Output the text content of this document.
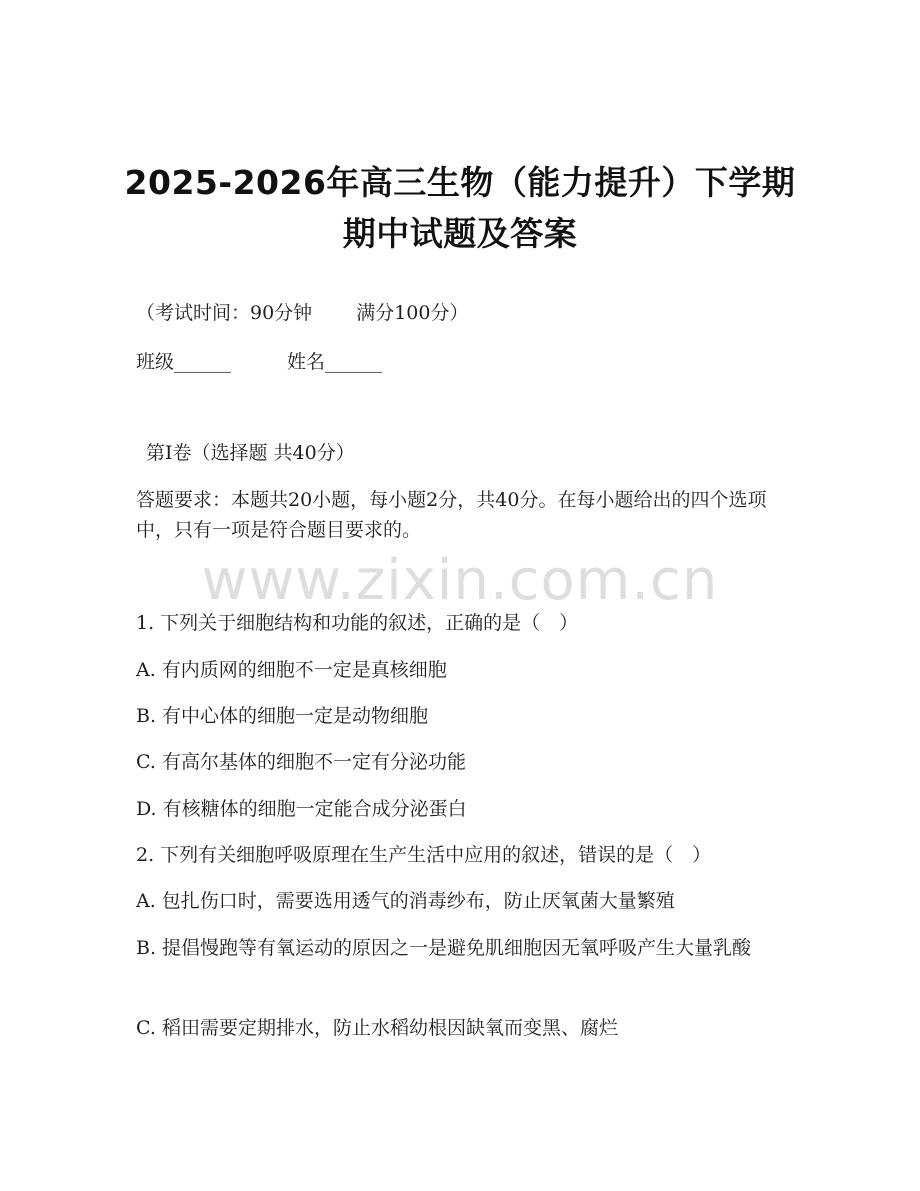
2025-2026年高三生物（能力提升）下学期
期中试题及答案
（考试时间：90分钟 满分100分）
班级______	姓名______
第I卷（选择题 共40分）
答题要求：本题共20小题，每小题2分，共40分。在每小题给出的四个选项中，只有一项是符合题目要求的。
www.zixin.com.cn
1. 下列关于细胞结构和功能的叙述，正确的是（　）
A. 有内质网的细胞不一定是真核细胞
B. 有中心体的细胞一定是动物细胞
C. 有高尔基体的细胞不一定有分泌功能
D. 有核糖体的细胞一定能合成分泌蛋白
2. 下列有关细胞呼吸原理在生产生活中应用的叙述，错误的是（　）
A. 包扎伤口时，需要选用透气的消毒纱布，防止厌氧菌大量繁殖
B. 提倡慢跑等有氧运动的原因之一是避免肌细胞因无氧呼吸产生大量乳酸
C. 稻田需要定期排水，防止水稻幼根因缺氧而变黑、腐烂
